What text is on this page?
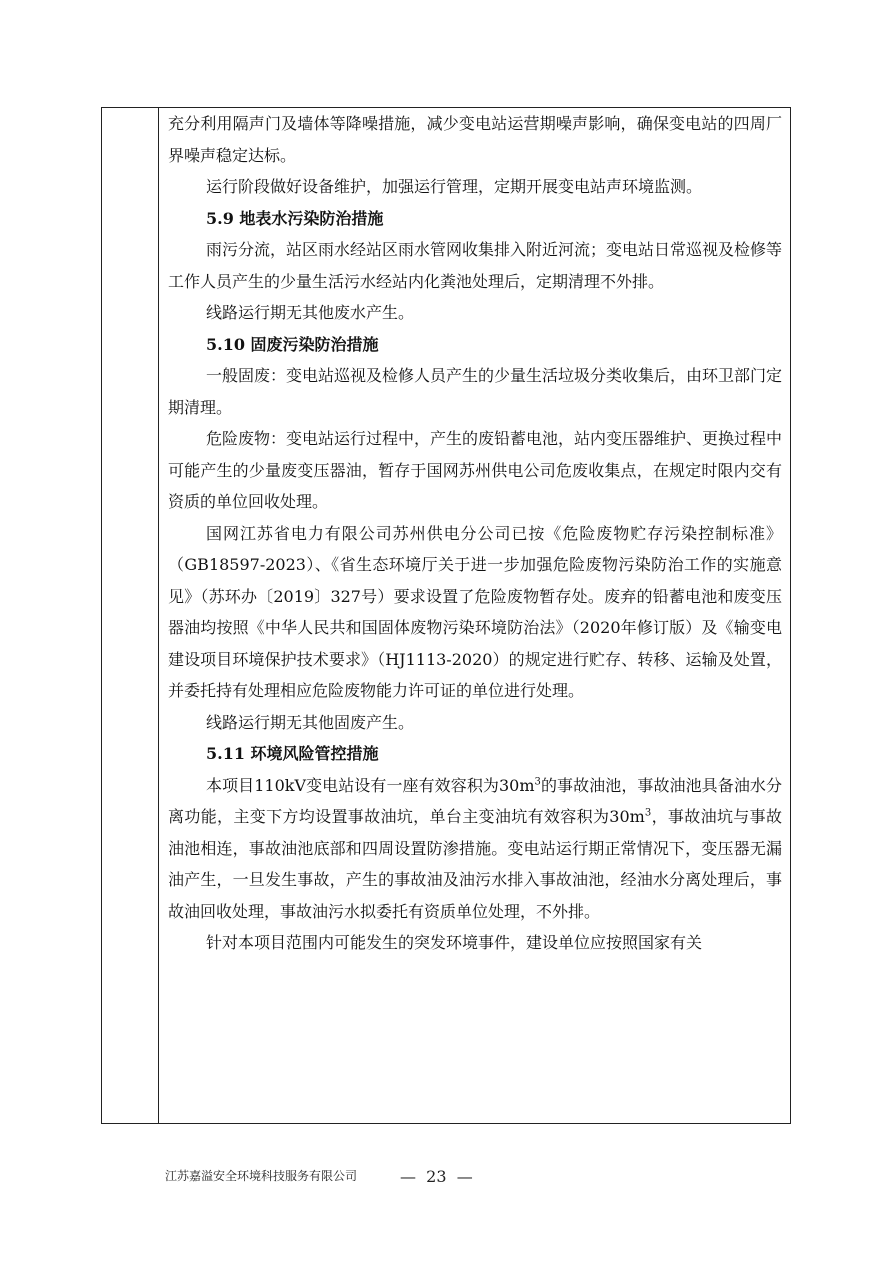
充分利用隔声门及墙体等降噪措施，减少变电站运营期噪声影响，确保变电站的四周厂界噪声稳定达标。

运行阶段做好设备维护，加强运行管理，定期开展变电站声环境监测。

5.9 地表水污染防治措施

雨污分流，站区雨水经站区雨水管网收集排入附近河流；变电站日常巡视及检修等工作人员产生的少量生活污水经站内化粪池处理后，定期清理不外排。

线路运行期无其他废水产生。

5.10 固废污染防治措施

一般固废：变电站巡视及检修人员产生的少量生活垃圾分类收集后，由环卫部门定期清理。

危险废物：变电站运行过程中，产生的废铅蓄电池，站内变压器维护、更换过程中可能产生的少量废变压器油，暂存于国网苏州供电公司危废收集点，在规定时限内交有资质的单位回收处理。

国网江苏省电力有限公司苏州供电分公司已按《危险废物贮存污染控制标准》（GB18597-2023）、《省生态环境厅关于进一步加强危险废物污染防治工作的实施意见》（苏环办〔2019〕327号）要求设置了危险废物暂存处。废弃的铅蓄电池和废变压器油均按照《中华人民共和国固体废物污染环境防治法》（2020年修订版）及《输变电建设项目环境保护技术要求》（HJ1113-2020）的规定进行贮存、转移、运输及处置，并委托持有处理相应危险废物能力许可证的单位进行处理。

线路运行期无其他固废产生。

5.11 环境风险管控措施

本项目110kV变电站设有一座有效容积为$30m^3$的事故油池，事故油池具备油水分离功能，主变下方均设置事故油坑，单台主变油坑有效容积为$30m^3$，事故油坑与事故油池相连，事故油池底部和四周设置防渗措施。变电站运行期正常情况下，变压器无漏油产生，一旦发生事故，产生的事故油及油污水排入事故油池，经油水分离处理后，事故油回收处理，事故油污水拟委托有资质单位处理，不外排。

针对本项目范围内可能发生的突发环境事件，建设单位应按照国家有关

江苏嘉溢安全环境科技服务有限公司	—  23  —
